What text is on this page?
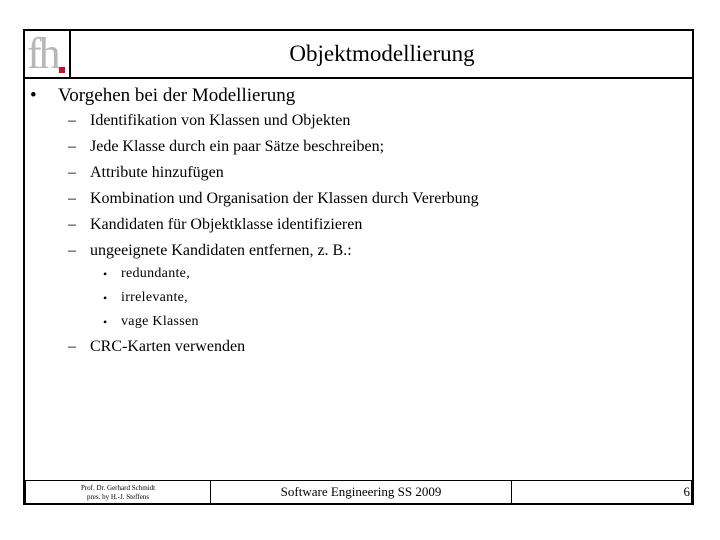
fh	Objektmodellierung
• Vorgehen bei der Modellierung
– Identifikation von Klassen und Objekten
– Jede Klasse durch ein paar Sätze beschreiben;
– Attribute hinzufügen
– Kombination und Organisation der Klassen durch Vererbung
– Kandidaten für Objektklasse identifizieren
– ungeeignete Kandidaten entfernen, z. B.:
• redundante,
• irrelevante,
• vage Klassen
– CRC-Karten verwenden
Prof. Dr. Gerhard Schmidt
pres. by H.-J. Steffens	Software Engineering SS 2009	6
